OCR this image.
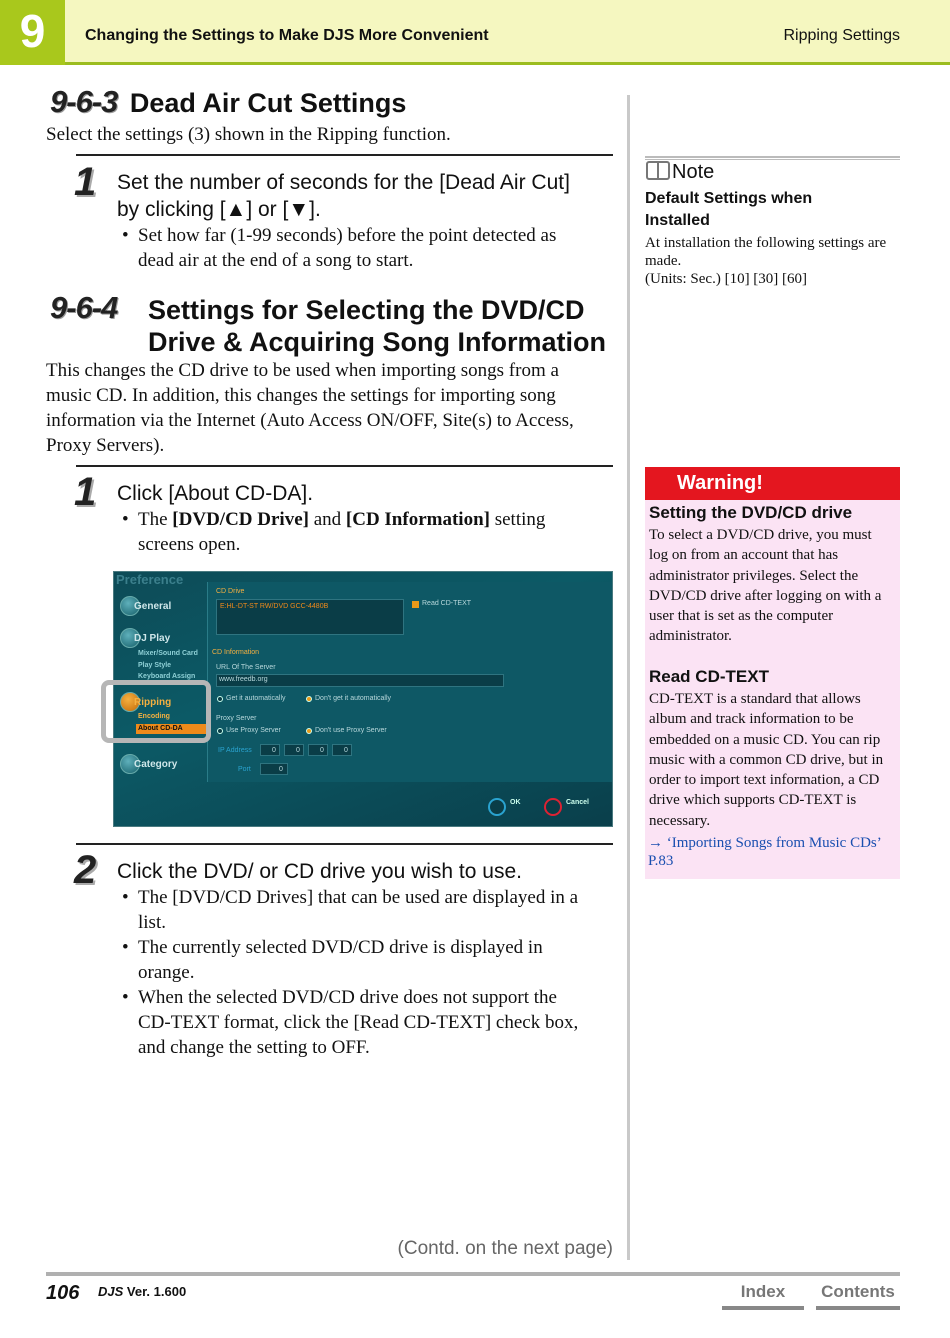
9	Changing the Settings to Make DJS More Convenient	Ripping Settings
9-6-3 Dead Air Cut Settings
Select the settings (3) shown in the Ripping function.
1 Set the number of seconds for the [Dead Air Cut]
by clicking [▲] or [▼].
• Set how far (1-99 seconds) before the point detected as
dead air at the end of a song to start.
9-6-4 Settings for Selecting the DVD/CD
Drive & Acquiring Song Information
This changes the CD drive to be used when importing songs from a
music CD. In addition, this changes the settings for importing song
information via the Internet (Auto Access ON/OFF, Site(s) to Access,
Proxy Servers).
1 Click [About CD-DA].
• The [DVD/CD Drive] and [CD Information] setting
screens open.
Preference
General
DJ Play
Mixer/Sound Card
Play Style
Keyboard Assign
Ripping
Encoding
About CD-DA
Category
CD Drive
E:HL-DT-ST RW/DVD GCC-4480B	Read CD-TEXT
CD Information
URL Of The Server
www.freedb.org
Get it automatically	Don't get it automatically
Proxy Server
Use Proxy Server	Don't use Proxy Server
IP Address	0	0	0	0
Port	0
OK	Cancel
2 Click the DVD/ or CD drive you wish to use.
• The [DVD/CD Drives] that can be used are displayed in a
list.
• The currently selected DVD/CD drive is displayed in
orange.
• When the selected DVD/CD drive does not support the
CD-TEXT format, click the [Read CD-TEXT] check box,
and change the setting to OFF.
Note
Default Settings when
Installed
At installation the following settings are
made.
(Units: Sec.) [10] [30] [60]
Warning!
Setting the DVD/CD drive
To select a DVD/CD drive, you must
log on from an account that has
administrator privileges. Select the
DVD/CD drive after logging on with a
user that is set as the computer
administrator.
Read CD-TEXT
CD-TEXT is a standard that allows
album and track information to be
embedded on a music CD. You can rip
music with a common CD drive, but in
order to import text information, a CD
drive which supports CD-TEXT is
necessary.
→ ‘Importing Songs from Music CDs’
P.83
(Contd. on the next page)
106 DJS Ver. 1.600	Index	Contents
